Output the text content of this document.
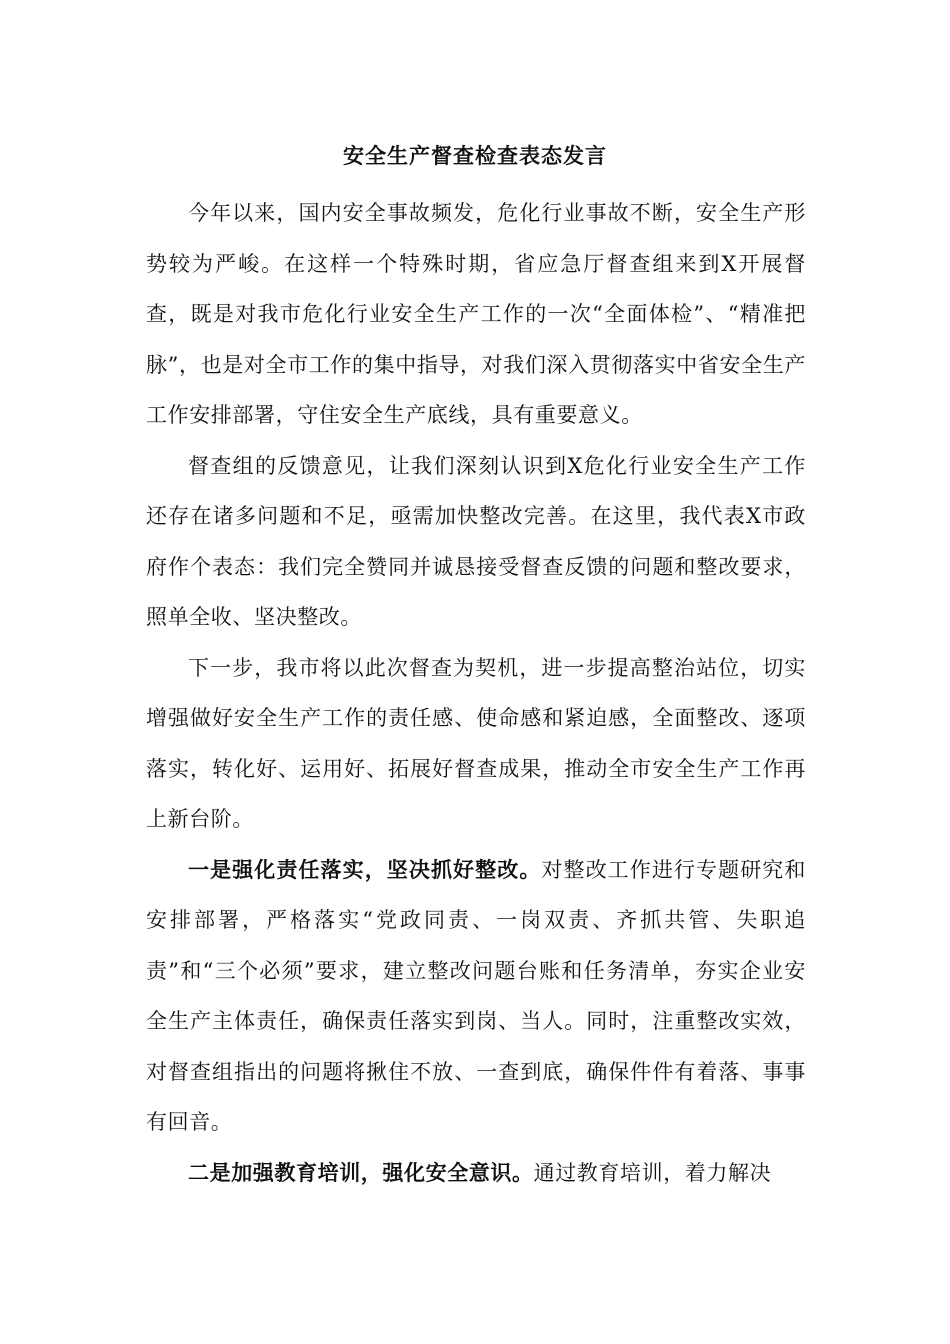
安全生产督查检查表态发言

今年以来，国内安全事故频发，危化行业事故不断，安全生产形势较为严峻。在这样一个特殊时期，省应急厅督查组来到X开展督查，既是对我市危化行业安全生产工作的一次“全面体检”、“精准把脉”，也是对全市工作的集中指导，对我们深入贯彻落实中省安全生产工作安排部署，守住安全生产底线，具有重要意义。

督查组的反馈意见，让我们深刻认识到X危化行业安全生产工作还存在诸多问题和不足，亟需加快整改完善。在这里，我代表X市政府作个表态：我们完全赞同并诚恳接受督查反馈的问题和整改要求，照单全收、坚决整改。

下一步，我市将以此次督查为契机，进一步提高整治站位，切实增强做好安全生产工作的责任感、使命感和紧迫感，全面整改、逐项落实，转化好、运用好、拓展好督查成果，推动全市安全生产工作再上新台阶。

一是强化责任落实，坚决抓好整改。对整改工作进行专题研究和安排部署，严格落实“党政同责、一岗双责、齐抓共管、失职追责”和“三个必须”要求，建立整改问题台账和任务清单，夯实企业安全生产主体责任，确保责任落实到岗、当人。同时，注重整改实效，对督查组指出的问题将揪住不放、一查到底，确保件件有着落、事事有回音。

二是加强教育培训，强化安全意识。通过教育培训，着力解决
